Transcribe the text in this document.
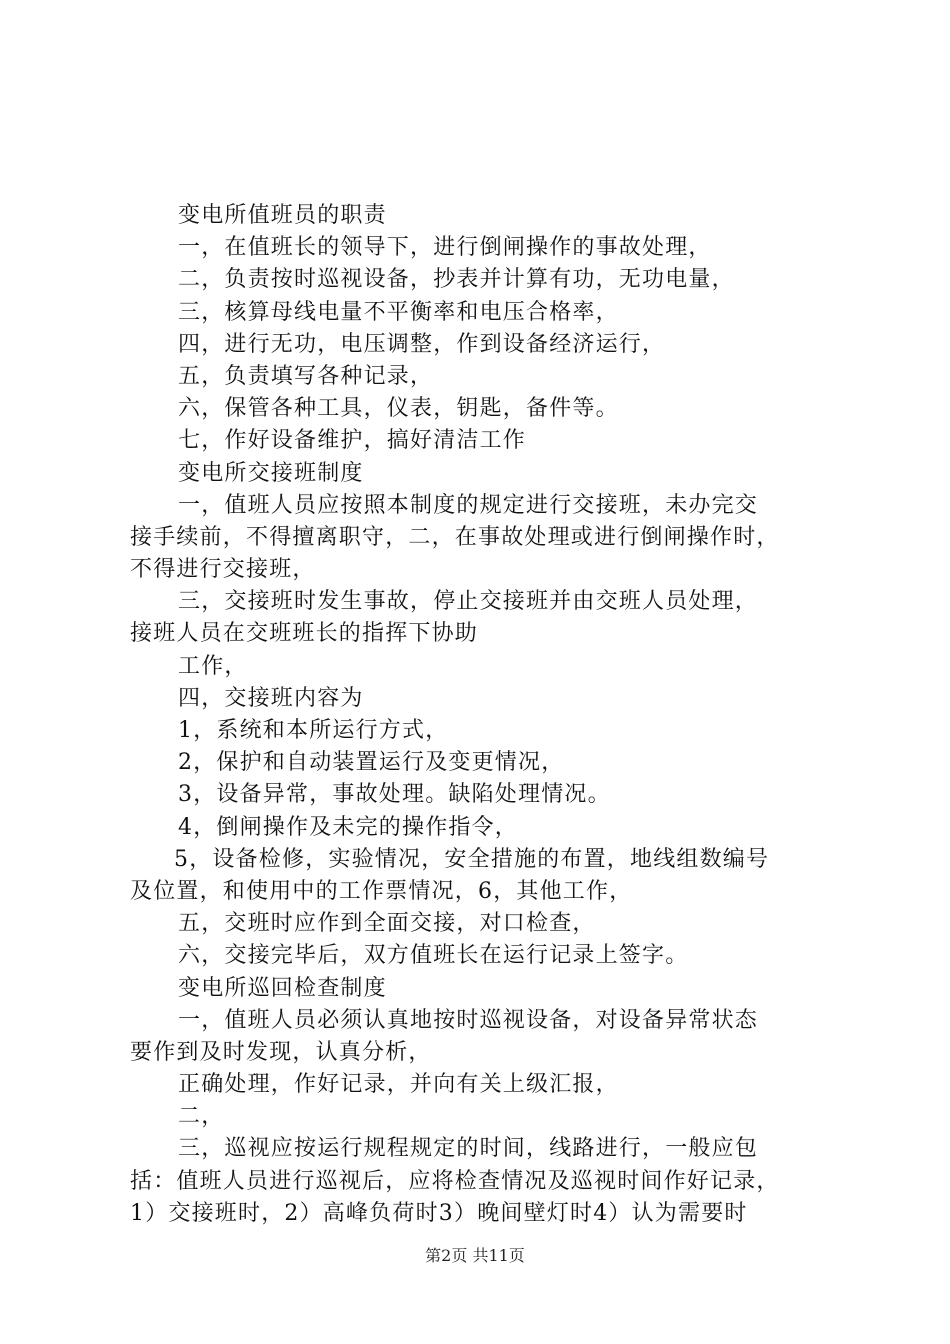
变电所值班员的职责
一，在值班长的领导下，进行倒闸操作的事故处理，
二，负责按时巡视设备，抄表并计算有功，无功电量，
三，核算母线电量不平衡率和电压合格率，
四，进行无功，电压调整，作到设备经济运行，
五，负责填写各种记录，
六，保管各种工具，仪表，钥匙，备件等。
七，作好设备维护，搞好清洁工作
变电所交接班制度
一，值班人员应按照本制度的规定进行交接班，未办完交
接手续前，不得擅离职守，二，在事故处理或进行倒闸操作时，
不得进行交接班，
三，交接班时发生事故，停止交接班并由交班人员处理，
接班人员在交班班长的指挥下协助
工作，
四，交接班内容为
1，系统和本所运行方式，
2，保护和自动装置运行及变更情况，
3，设备异常，事故处理。缺陷处理情况。
4，倒闸操作及未完的操作指令，
5，设备检修，实验情况，安全措施的布置，地线组数编号
及位置，和使用中的工作票情况，6，其他工作，
五，交班时应作到全面交接，对口检查，
六，交接完毕后，双方值班长在运行记录上签字。
变电所巡回检查制度
一，值班人员必须认真地按时巡视设备，对设备异常状态
要作到及时发现，认真分析，
正确处理，作好记录，并向有关上级汇报，
二，
三，巡视应按运行规程规定的时间，线路进行，一般应包
括：值班人员进行巡视后，应将检查情况及巡视时间作好记录，
1）交接班时，2）高峰负荷时3）晚间壁灯时4）认为需要时
第2页 共11页
